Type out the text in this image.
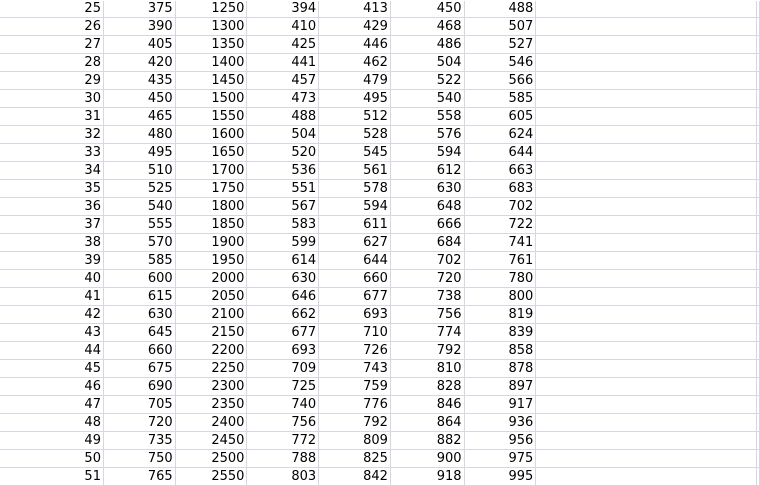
25	375	1250	394	413	450	488		
26	390	1300	410	429	468	507		
27	405	1350	425	446	486	527		
28	420	1400	441	462	504	546		
29	435	1450	457	479	522	566		
30	450	1500	473	495	540	585		
31	465	1550	488	512	558	605		
32	480	1600	504	528	576	624		
33	495	1650	520	545	594	644		
34	510	1700	536	561	612	663		
35	525	1750	551	578	630	683		
36	540	1800	567	594	648	702		
37	555	1850	583	611	666	722		
38	570	1900	599	627	684	741		
39	585	1950	614	644	702	761		
40	600	2000	630	660	720	780		
41	615	2050	646	677	738	800		
42	630	2100	662	693	756	819		
43	645	2150	677	710	774	839		
44	660	2200	693	726	792	858		
45	675	2250	709	743	810	878		
46	690	2300	725	759	828	897		
47	705	2350	740	776	846	917		
48	720	2400	756	792	864	936		
49	735	2450	772	809	882	956		
50	750	2500	788	825	900	975		
51	765	2550	803	842	918	995		
